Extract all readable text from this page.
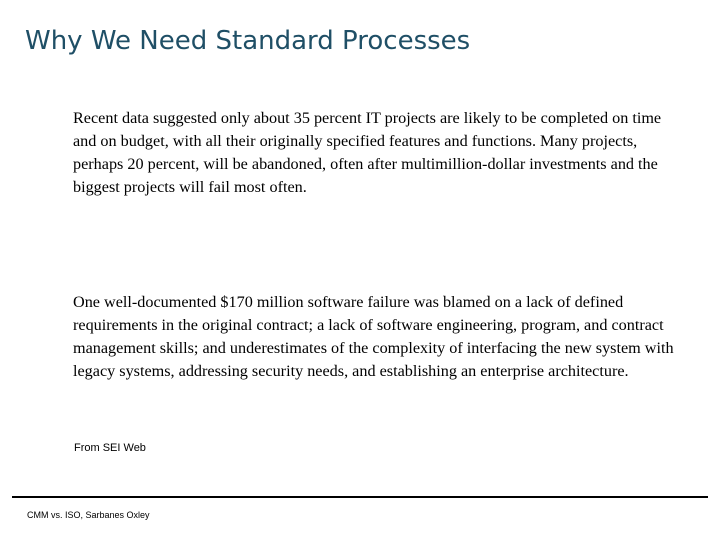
Why We Need Standard Processes

Recent data suggested only about 35 percent IT projects are likely to be completed on time and on budget, with all their originally specified features and functions. Many projects, perhaps 20 percent, will be abandoned, often after multimillion-dollar investments and the biggest projects will fail most often.

One well-documented $170 million software failure was blamed on a lack of defined requirements in the original contract; a lack of software engineering, program, and contract management skills; and underestimates of the complexity of interfacing the new system with legacy systems, addressing security needs, and establishing an enterprise architecture.

From SEI Web

CMM vs. ISO, Sarbanes Oxley
